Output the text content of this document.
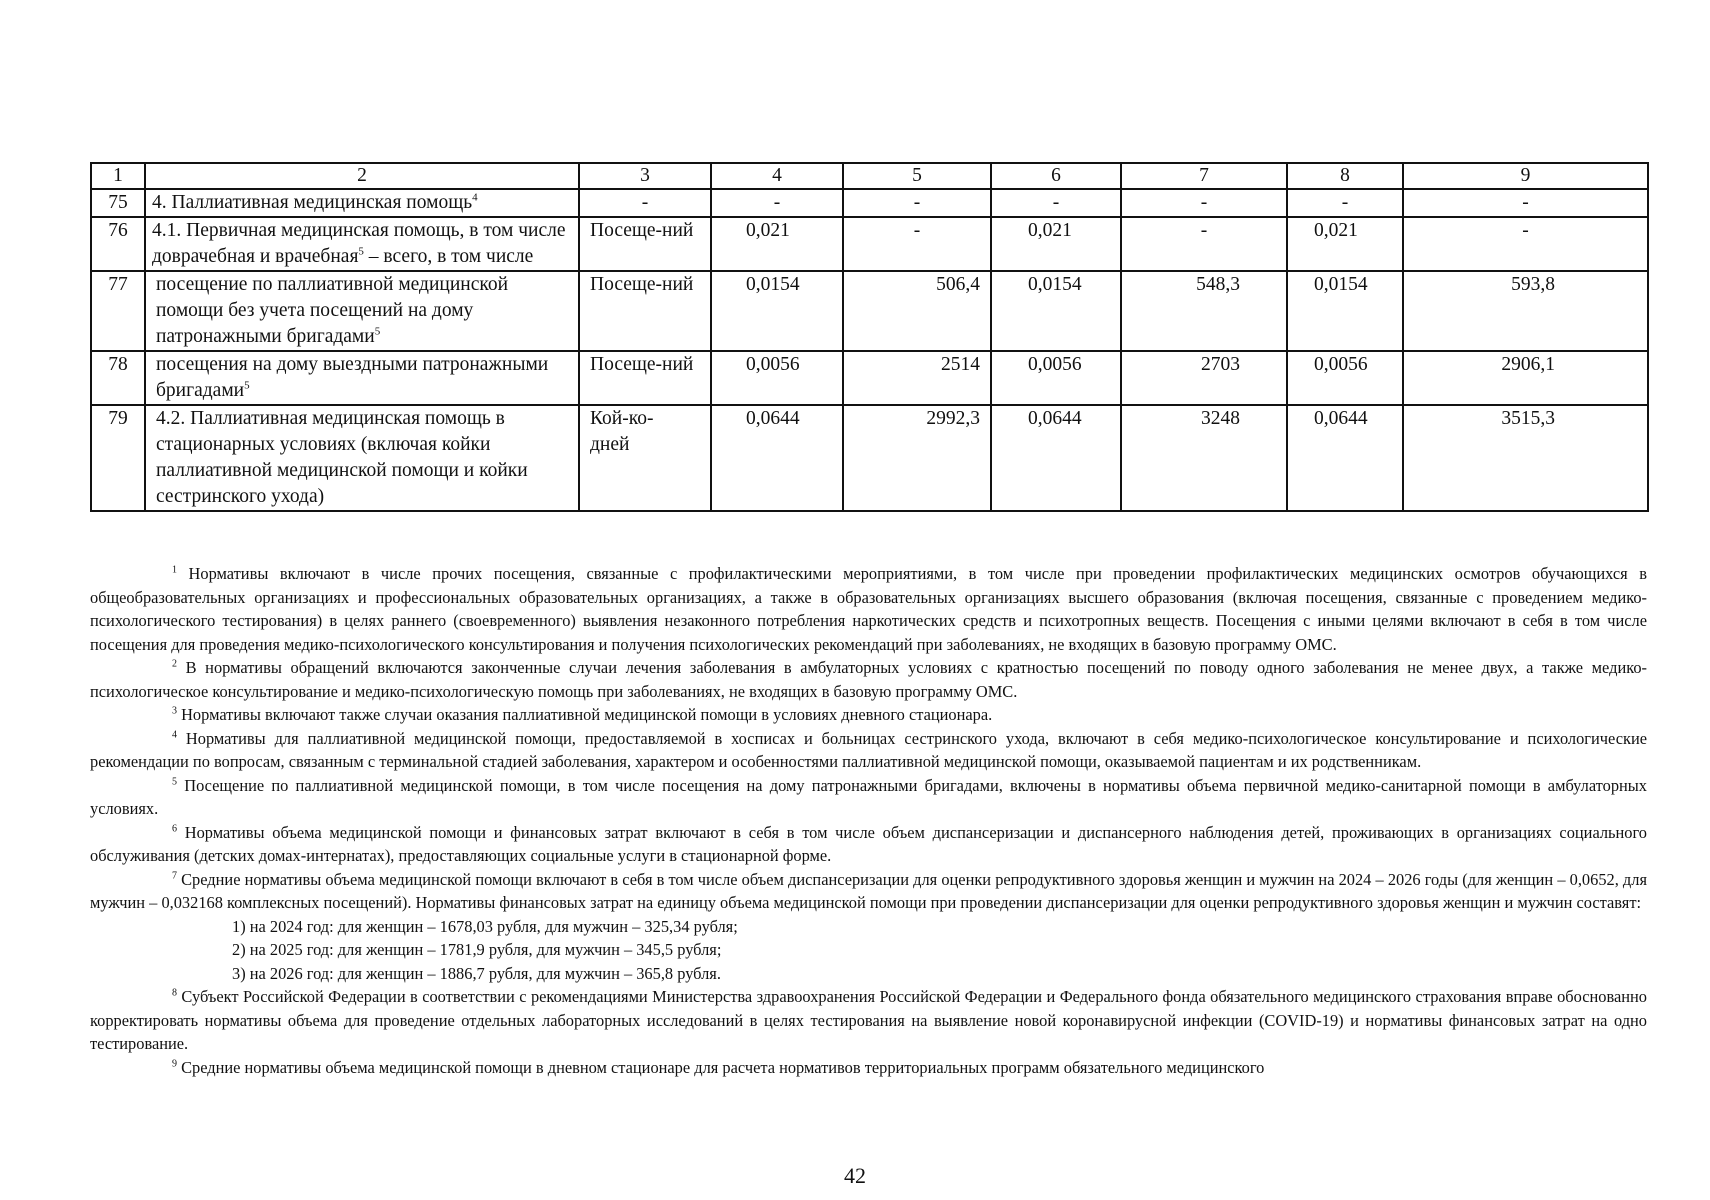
1	2	3	4	5	6	7	8	9
75	4. Паллиативная медицинская помощь$^4$	-	-	-	-	-	-	-
76	4.1. Первичная медицинская помощь, в том числе доврачебная и врачебная$^5$ – всего, в том числе	Посеще-ний	0,021	-	0,021	-	0,021	-
77	посещение по паллиативной медицинской помощи без учета посещений на дому патронажными бригадами$^5$	Посеще-ний	0,0154	506,4	0,0154	548,3	0,0154	593,8
78	посещения на дому выездными патронажными бригадами$^5$	Посеще-ний	0,0056	2514	0,0056	2703	0,0056	2906,1
79	4.2. Паллиативная медицинская помощь в стационарных условиях (включая койки паллиативной медицинской помощи и койки сестринского ухода)	Кой-ко-дней	0,0644	2992,3	0,0644	3248	0,0644	3515,3

$^1$ Нормативы включают в числе прочих посещения, связанные с профилактическими мероприятиями, в том числе при проведении профилактических медицинских осмотров обучающихся в общеобразовательных организациях и профессиональных образовательных организациях, а также в образовательных организациях высшего образования (включая посещения, связанные с проведением медико-психологического тестирования) в целях раннего (своевременного) выявления незаконного потребления наркотических средств и психотропных веществ. Посещения с иными целями включают в себя в том числе посещения для проведения медико-психологического консультирования и получения психологических рекомендаций при заболеваниях, не входящих в базовую программу ОМС.

$^2$ В нормативы обращений включаются законченные случаи лечения заболевания в амбулаторных условиях с кратностью посещений по поводу одного заболевания не менее двух, а также медико-психологическое консультирование и медико-психологическую помощь при заболеваниях, не входящих в базовую программу ОМС.

$^3$ Нормативы включают также случаи оказания паллиативной медицинской помощи в условиях дневного стационара.

$^4$ Нормативы для паллиативной медицинской помощи, предоставляемой в хосписах и больницах сестринского ухода, включают в себя медико-психологическое консультирование и психологические рекомендации по вопросам, связанным с терминальной стадией заболевания, характером и особенностями паллиативной медицинской помощи, оказываемой пациентам и их родственникам.

$^5$ Посещение по паллиативной медицинской помощи, в том числе посещения на дому патронажными бригадами, включены в нормативы объема первичной медико-санитарной помощи в амбулаторных условиях.

$^6$ Нормативы объема медицинской помощи и финансовых затрат включают в себя в том числе объем диспансеризации и диспансерного наблюдения детей, проживающих в организациях социального обслуживания (детских домах-интернатах), предоставляющих социальные услуги в стационарной форме.

$^7$ Средние нормативы объема медицинской помощи включают в себя в том числе объем диспансеризации для оценки репродуктивного здоровья женщин и мужчин на 2024 – 2026 годы (для женщин – 0,0652, для мужчин – 0,032168 комплексных посещений). Нормативы финансовых затрат на единицу объема медицинской помощи при проведении диспансеризации для оценки репродуктивного здоровья женщин и мужчин составят:

1) на 2024 год: для женщин – 1678,03 рубля, для мужчин – 325,34 рубля;

2) на 2025 год: для женщин – 1781,9 рубля, для мужчин – 345,5 рубля;

3) на 2026 год: для женщин – 1886,7 рубля, для мужчин – 365,8 рубля.

$^8$ Субъект Российской Федерации в соответствии с рекомендациями Министерства здравоохранения Российской Федерации и Федерального фонда обязательного медицинского страхования вправе обоснованно корректировать нормативы объема для проведение отдельных лабораторных исследований в целях тестирования на выявление новой коронавирусной инфекции (COVID-19) и нормативы финансовых затрат на одно тестирование.

$^9$ Средние нормативы объема медицинской помощи в дневном стационаре для расчета нормативов территориальных программ обязательного медицинского

42
